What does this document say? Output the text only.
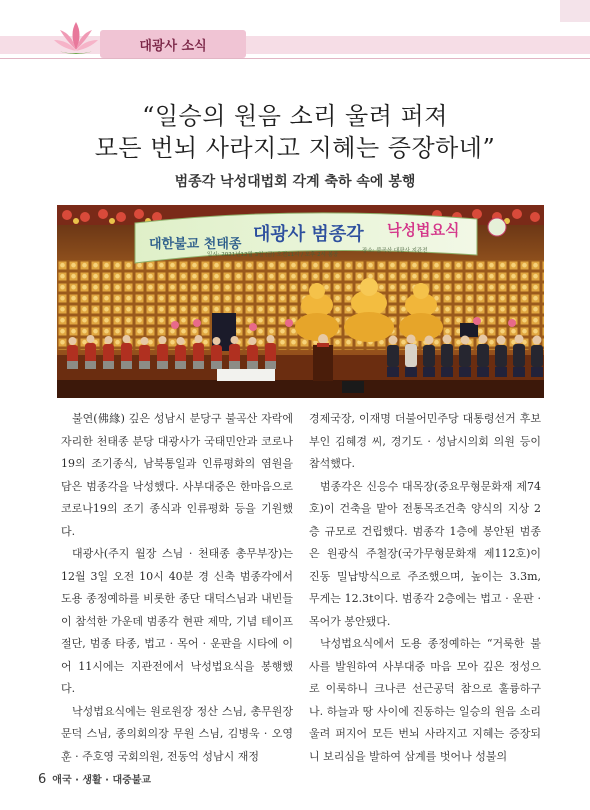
대광사 소식
“일승의 원음 소리 울려 퍼져
모든 번뇌 사라지고 지혜는 증장하네”
범종각 낙성대법회 각계 축하 속에 봉행
대한불교 천태종 대광사 범종각 낙성법요식
일시: 2021년12월 3일 (금) 오전11시 / 오후 2시 봉공
장소: 불곡산 대광사 지관전

불연(佛緣) 깊은 성남시 분당구 불곡산 자락에 자리한 천태종 분당 대광사가 국태민안과 코로나19의 조기종식, 남북통일과 인류평화의 염원을 담은 범종각을 낙성했다. 사부대중은 한마음으로 코로나19의 조기 종식과 인류평화 등을 기원했다.

대광사(주지 월장 스님 · 천태종 총무부장)는 12월 3일 오전 10시 40분 경 신축 범종각에서 도용 종정예하를 비롯한 종단 대덕스님과 내빈들이 참석한 가운데 범종각 현판 제막, 기념 테이프 절단, 범종 타종, 법고 · 목어 · 운판을 시타에 이어 11시에는 지관전에서 낙성법요식을 봉행했다.

낙성법요식에는 원로원장 정산 스님, 총무원장 문덕 스님, 종의회의장 무원 스님, 김병욱 · 오영훈 · 주호영 국회의원, 전동억 성남시 재정

경제국장, 이재명 더불어민주당 대통령선거 후보 부인 김혜경 씨, 경기도 · 성남시의회 의원 등이 참석했다.

범종각은 신응수 대목장(중요무형문화재 제74호)이 건축을 맡아 전통목조건축 양식의 지상 2층 규모로 건립했다. 범종각 1층에 봉안된 범종은 원광식 주철장(국가무형문화재 제112호)이 진동 밀납방식으로 주조했으며, 높이는 3.3m, 무게는 12.3t이다. 범종각 2층에는 법고 · 운판 · 목어가 봉안됐다.

낙성법요식에서 도용 종정예하는 “거룩한 불사를 발원하여 사부대중 마음 모아 깊은 정성으로 이룩하니 크나큰 선근공덕 참으로 훌륭하구나. 하늘과 땅 사이에 진동하는 일승의 원음 소리 울려 퍼지어 모든 번뇌 사라지고 지혜는 증장되니 보리심을 발하여 삼계를 벗어나 성불의

6 애국 · 생활 · 대중불교
